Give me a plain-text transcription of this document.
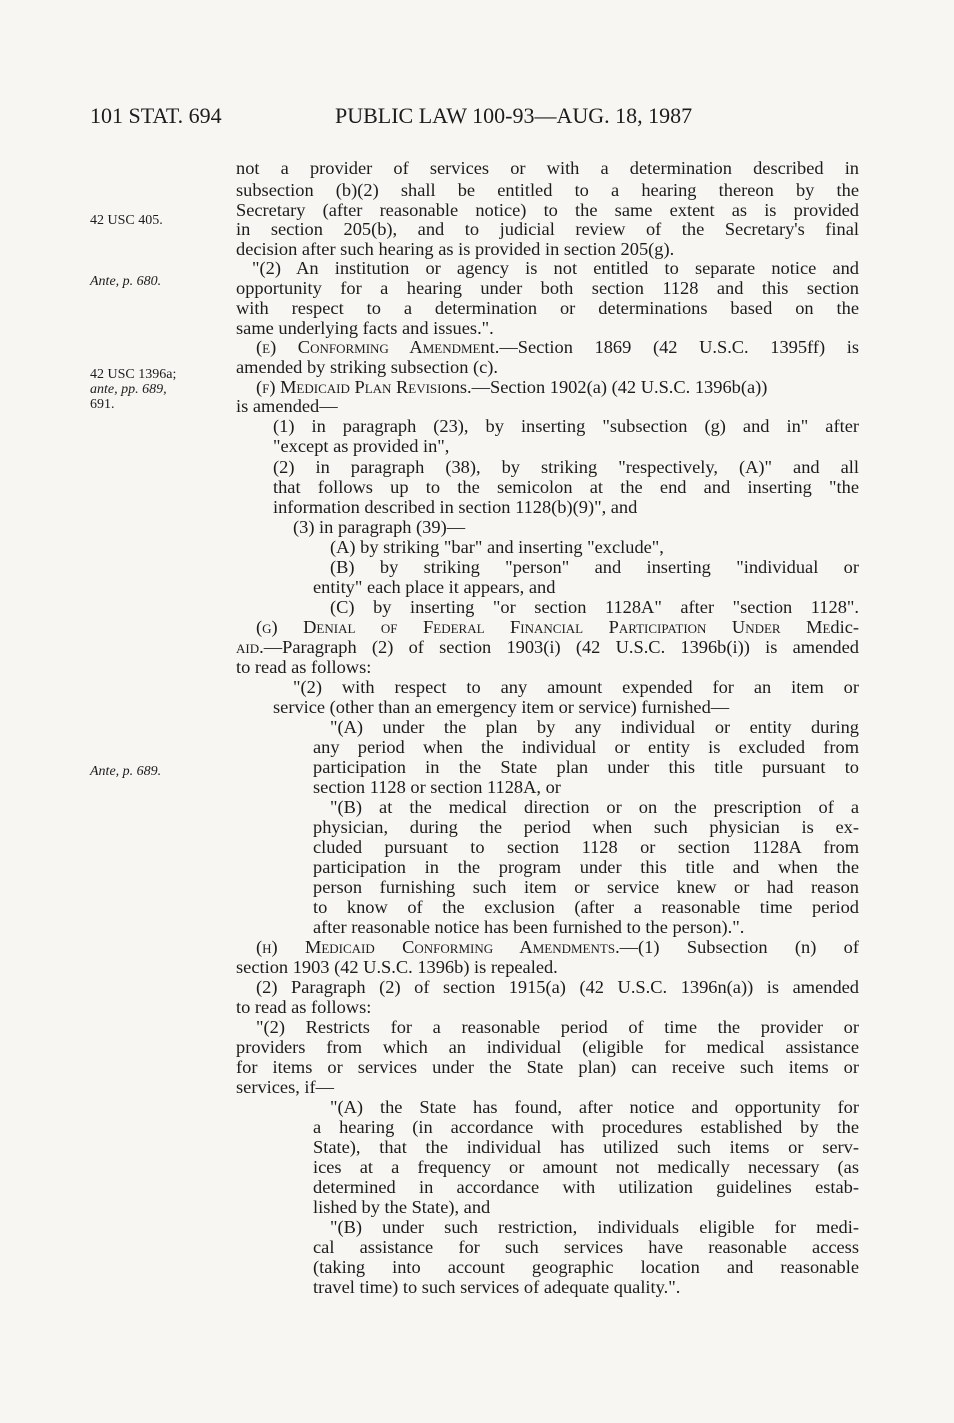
101 STAT. 694	PUBLIC LAW 100-93—AUG. 18, 1987
42 USC 405.
Ante, p. 680.
42 USC 1396a;
ante, pp. 689,
691.
Ante, p. 689.
not a provider of services or with a determination described in
subsection (b)(2) shall be entitled to a hearing thereon by the
Secretary (after reasonable notice) to the same extent as is provided
in section 205(b), and to judicial review of the Secretary's final
decision after such hearing as is provided in section 205(g).
"(2) An institution or agency is not entitled to separate notice and
opportunity for a hearing under both section 1128 and this section
with respect to a determination or determinations based on the
same underlying facts and issues.".
(e) Conforming Amendment.—Section 1869 (42 U.S.C. 1395ff) is
amended by striking subsection (c).
(f) Medicaid Plan Revisions.—Section 1902(a) (42 U.S.C. 1396b(a))
is amended—
(1) in paragraph (23), by inserting "subsection (g) and in" after
"except as provided in",
(2) in paragraph (38), by striking "respectively, (A)" and all
that follows up to the semicolon at the end and inserting "the
information described in section 1128(b)(9)", and
(3) in paragraph (39)—
(A) by striking "bar" and inserting "exclude",
(B) by striking "person" and inserting "individual or
entity" each place it appears, and
(C) by inserting "or section 1128A" after "section 1128".
(g) Denial of Federal Financial Participation Under Medic-
aid.—Paragraph (2) of section 1903(i) (42 U.S.C. 1396b(i)) is amended
to read as follows:
"(2) with respect to any amount expended for an item or
service (other than an emergency item or service) furnished—
"(A) under the plan by any individual or entity during
any period when the individual or entity is excluded from
participation in the State plan under this title pursuant to
section 1128 or section 1128A, or
"(B) at the medical direction or on the prescription of a
physician, during the period when such physician is ex-
cluded pursuant to section 1128 or section 1128A from
participation in the program under this title and when the
person furnishing such item or service knew or had reason
to know of the exclusion (after a reasonable time period
after reasonable notice has been furnished to the person).".
(h) Medicaid Conforming Amendments.—(1) Subsection (n) of
section 1903 (42 U.S.C. 1396b) is repealed.
(2) Paragraph (2) of section 1915(a) (42 U.S.C. 1396n(a)) is amended
to read as follows:
"(2) Restricts for a reasonable period of time the provider or
providers from which an individual (eligible for medical assistance
for items or services under the State plan) can receive such items or
services, if—
"(A) the State has found, after notice and opportunity for
a hearing (in accordance with procedures established by the
State), that the individual has utilized such items or serv-
ices at a frequency or amount not medically necessary (as
determined in accordance with utilization guidelines estab-
lished by the State), and
"(B) under such restriction, individuals eligible for medi-
cal assistance for such services have reasonable access
(taking into account geographic location and reasonable
travel time) to such services of adequate quality.".
